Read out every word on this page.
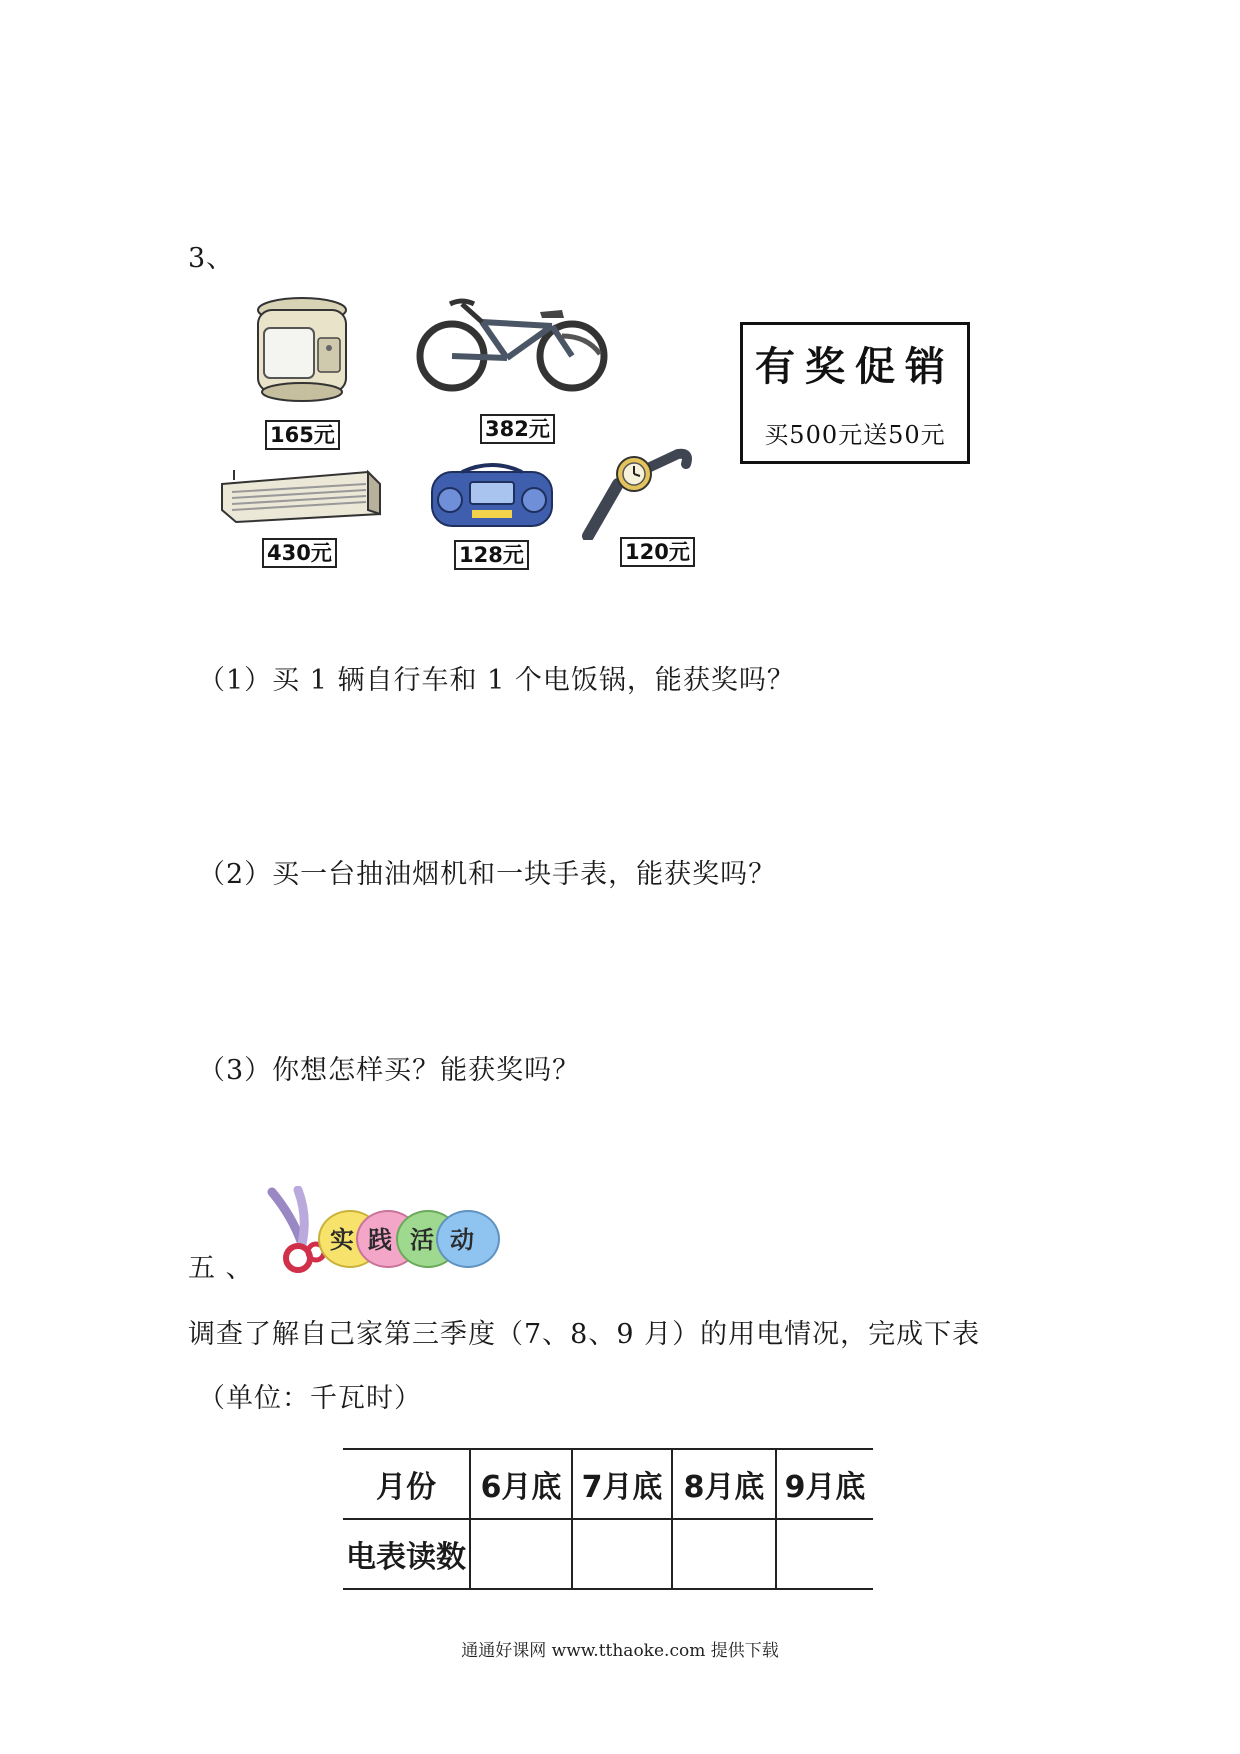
3、
165元	382元
430元	128元	120元
有奖促销
买500元送50元
（1）买 1 辆自行车和 1 个电饭锅，能获奖吗？
（2）买一台抽油烟机和一块手表，能获奖吗？
（3）你想怎样买？能获奖吗？
五 、
实 践 活 动
调查了解自己家第三季度（7、8、9 月）的用电情况，完成下表
（单位：千瓦时）
月份	6月底	7月底	8月底	9月底
电表读数				
通通好课网 www.tthaoke.com 提供下载
